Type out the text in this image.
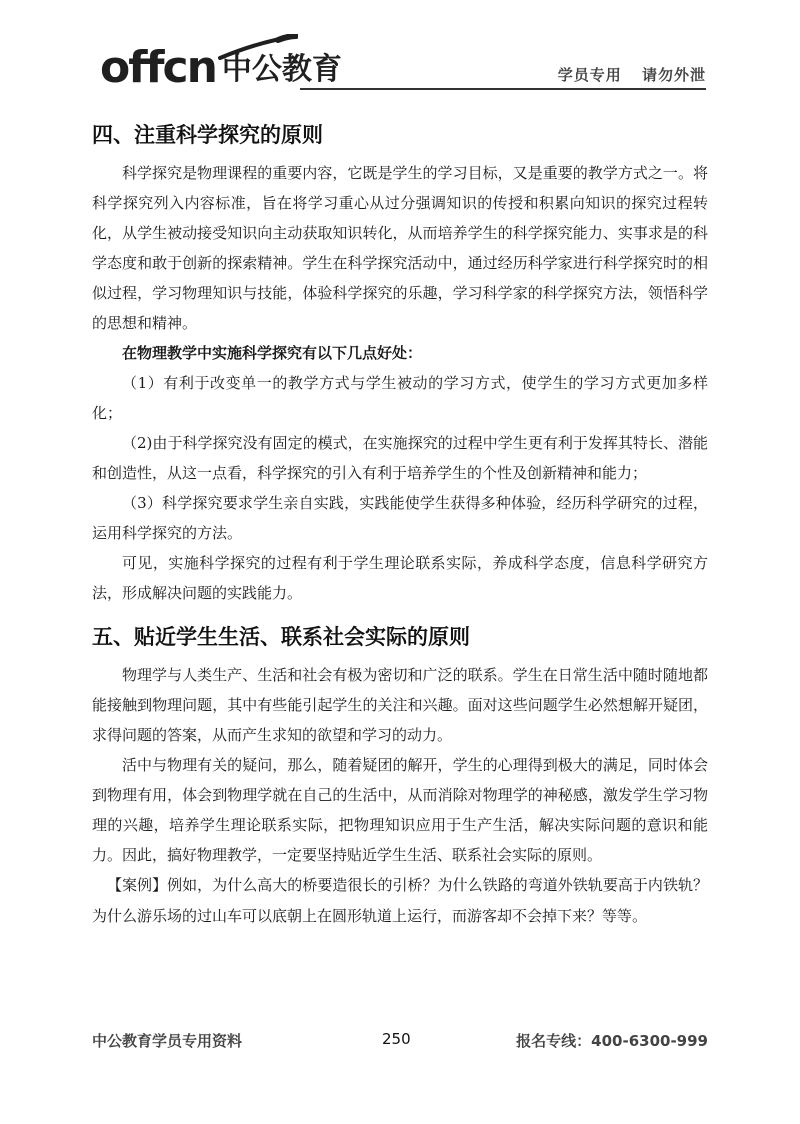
offcn 中公教育	学员专用 请勿外泄
四、注重科学探究的原则

科学探究是物理课程的重要内容，它既是学生的学习目标，又是重要的教学方式之一。将科学探究列入内容标准，旨在将学习重心从过分强调知识的传授和积累向知识的探究过程转化，从学生被动接受知识向主动获取知识转化，从而培养学生的科学探究能力、实事求是的科学态度和敢于创新的探索精神。学生在科学探究活动中，通过经历科学家进行科学探究时的相似过程，学习物理知识与技能，体验科学探究的乐趣，学习科学家的科学探究方法，领悟科学的思想和精神。

在物理教学中实施科学探究有以下几点好处：

（1）有利于改变单一的教学方式与学生被动的学习方式，使学生的学习方式更加多样化；

（2)由于科学探究没有固定的模式，在实施探究的过程中学生更有利于发挥其特长、潜能和创造性，从这一点看，科学探究的引入有利于培养学生的个性及创新精神和能力；

（3）科学探究要求学生亲自实践，实践能使学生获得多种体验，经历科学研究的过程，运用科学探究的方法。

可见，实施科学探究的过程有利于学生理论联系实际，养成科学态度，信息科学研究方法，形成解决问题的实践能力。

五、贴近学生生活、联系社会实际的原则

物理学与人类生产、生活和社会有极为密切和广泛的联系。学生在日常生活中随时随地都能接触到物理问题，其中有些能引起学生的关注和兴趣。面对这些问题学生必然想解开疑团，求得问题的答案，从而产生求知的欲望和学习的动力。

活中与物理有关的疑问，那么，随着疑团的解开，学生的心理得到极大的满足，同时体会到物理有用，体会到物理学就在自己的生活中，从而消除对物理学的神秘感，激发学生学习物理的兴趣，培养学生理论联系实际，把物理知识应用于生产生活，解决实际问题的意识和能力。因此，搞好物理教学，一定要坚持贴近学生生活、联系社会实际的原则。

【案例】例如，为什么高大的桥要造很长的引桥？为什么铁路的弯道外铁轨要高于内铁轨？为什么游乐场的过山车可以底朝上在圆形轨道上运行，而游客却不会掉下来？等等。

中公教育学员专用资料	250	报名专线：400-6300-999
